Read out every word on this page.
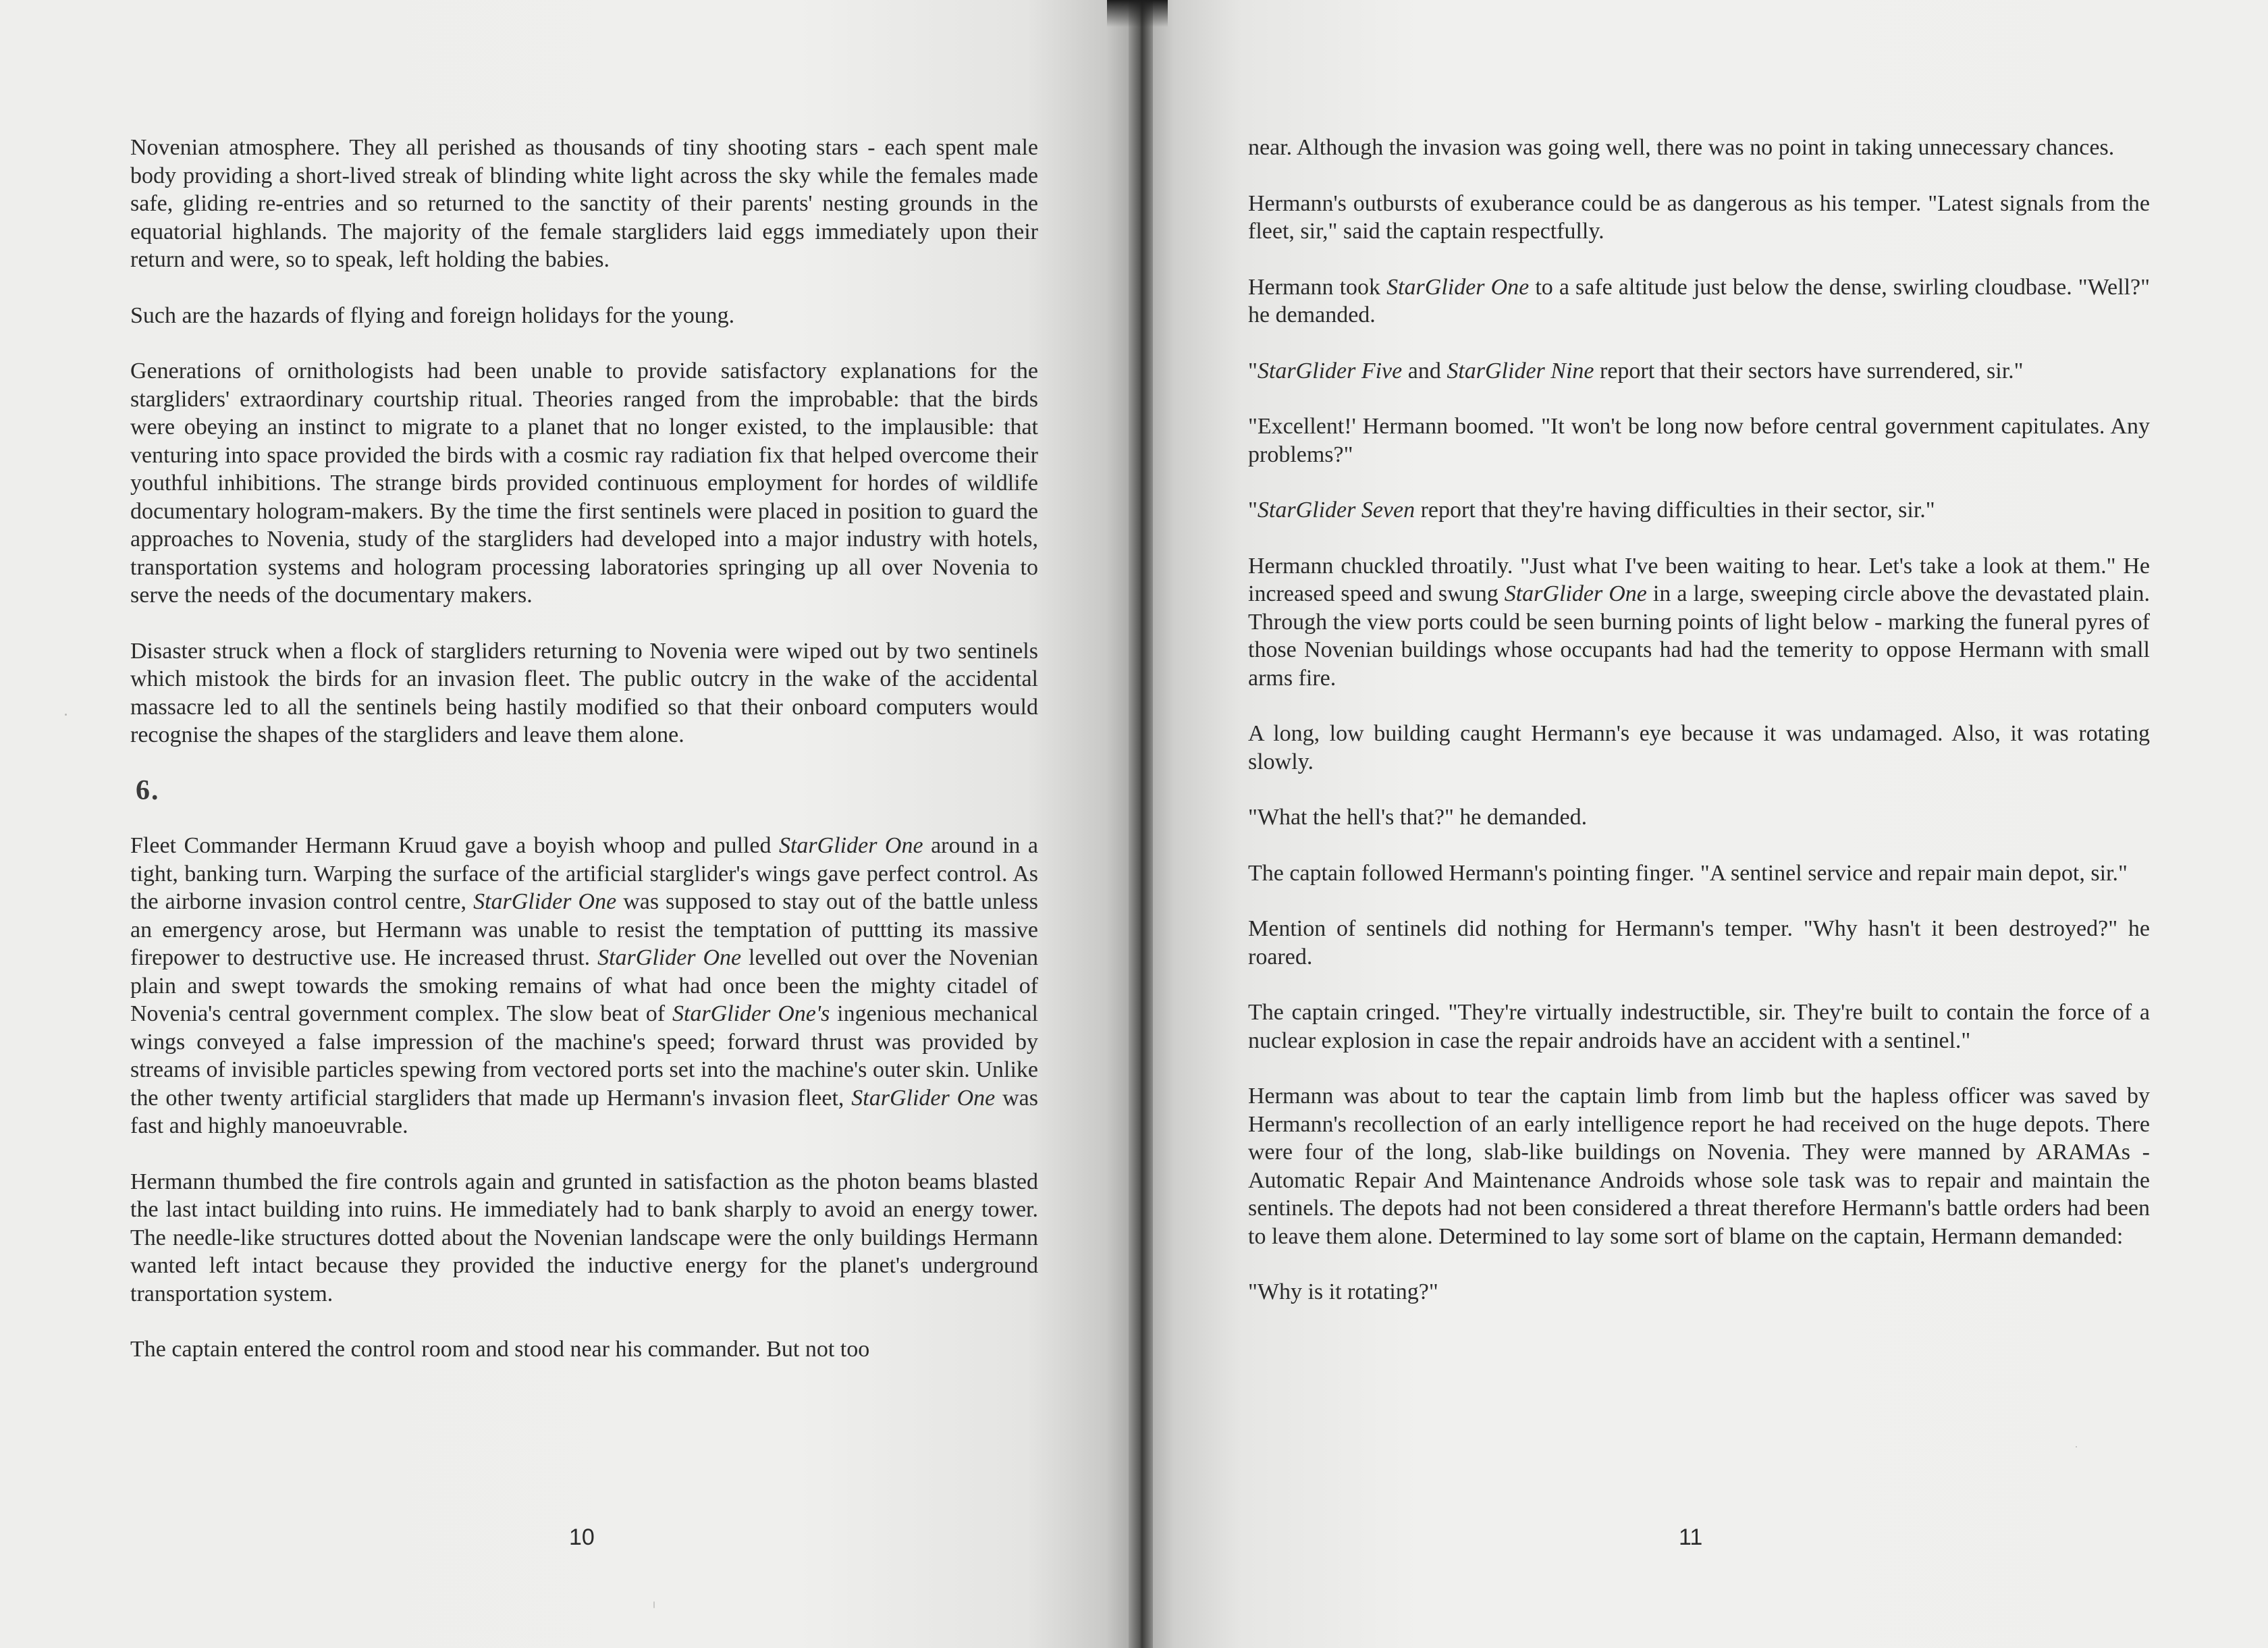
Novenian atmosphere. They all perished as thousands of tiny shooting stars - each spent male body providing a short-lived streak of blinding white light across the sky while the females made safe, gliding re-entries and so returned to the sanctity of their parents' nesting grounds in the equatorial highlands. The majority of the female stargliders laid eggs immediately upon their return and were, so to speak, left holding the babies.

Such are the hazards of flying and foreign holidays for the young.

Generations of ornithologists had been unable to provide satisfactory explanations for the stargliders' extraordinary courtship ritual. Theories ranged from the improbable: that the birds were obeying an instinct to migrate to a planet that no longer existed, to the implausible: that venturing into space provided the birds with a cosmic ray radiation fix that helped overcome their youthful inhibitions. The strange birds provided continuous employment for hordes of wildlife documentary hologram-makers. By the time the first sentinels were placed in position to guard the approaches to Novenia, study of the stargliders had developed into a major industry with hotels, transportation systems and hologram processing laboratories springing up all over Novenia to serve the needs of the documentary makers.

Disaster struck when a flock of stargliders returning to Novenia were wiped out by two sentinels which mistook the birds for an invasion fleet. The public outcry in the wake of the accidental massacre led to all the sentinels being hastily modified so that their onboard computers would recognise the shapes of the stargliders and leave them alone.

6.

Fleet Commander Hermann Kruud gave a boyish whoop and pulled StarGlider One around in a tight, banking turn. Warping the surface of the artificial starglider's wings gave perfect control. As the airborne invasion control centre, StarGlider One was supposed to stay out of the battle unless an emergency arose, but Hermann was unable to resist the temptation of puttting its massive firepower to destructive use. He increased thrust. StarGlider One levelled out over the Novenian plain and swept towards the smoking remains of what had once been the mighty citadel of Novenia's central government complex. The slow beat of StarGlider One's ingenious mechanical wings conveyed a false impression of the machine's speed; forward thrust was provided by streams of invisible particles spewing from vectored ports set into the machine's outer skin. Unlike the other twenty artificial stargliders that made up Hermann's invasion fleet, StarGlider One was fast and highly manoeuvrable.

Hermann thumbed the fire controls again and grunted in satisfaction as the photon beams blasted the last intact building into ruins. He immediately had to bank sharply to avoid an energy tower. The needle-like structures dotted about the Novenian landscape were the only buildings Hermann wanted left intact because they provided the inductive energy for the planet's underground transportation system.

The captain entered the control room and stood near his commander. But not too

10

near. Although the invasion was going well, there was no point in taking unnecessary chances.

Hermann's outbursts of exuberance could be as dangerous as his temper. "Latest signals from the fleet, sir," said the captain respectfully.

Hermann took StarGlider One to a safe altitude just below the dense, swirling cloudbase. "Well?" he demanded.

"StarGlider Five and StarGlider Nine report that their sectors have surrendered, sir."

"Excellent!' Hermann boomed. "It won't be long now before central government capitulates. Any problems?"

"StarGlider Seven report that they're having difficulties in their sector, sir."

Hermann chuckled throatily. "Just what I've been waiting to hear. Let's take a look at them." He increased speed and swung StarGlider One in a large, sweeping circle above the devastated plain. Through the view ports could be seen burning points of light below - marking the funeral pyres of those Novenian buildings whose occupants had had the temerity to oppose Hermann with small arms fire.

A long, low building caught Hermann's eye because it was undamaged. Also, it was rotating slowly.

"What the hell's that?" he demanded.

The captain followed Hermann's pointing finger. "A sentinel service and repair main depot, sir."

Mention of sentinels did nothing for Hermann's temper. "Why hasn't it been destroyed?" he roared.

The captain cringed. "They're virtually indestructible, sir. They're built to contain the force of a nuclear explosion in case the repair androids have an accident with a sentinel."

Hermann was about to tear the captain limb from limb but the hapless officer was saved by Hermann's recollection of an early intelligence report he had received on the huge depots. There were four of the long, slab-like buildings on Novenia. They were manned by ARAMAs - Automatic Repair And Maintenance Androids whose sole task was to repair and maintain the sentinels. The depots had not been considered a threat therefore Hermann's battle orders had been to leave them alone. Determined to lay some sort of blame on the captain, Hermann demanded:

"Why is it rotating?"

11
